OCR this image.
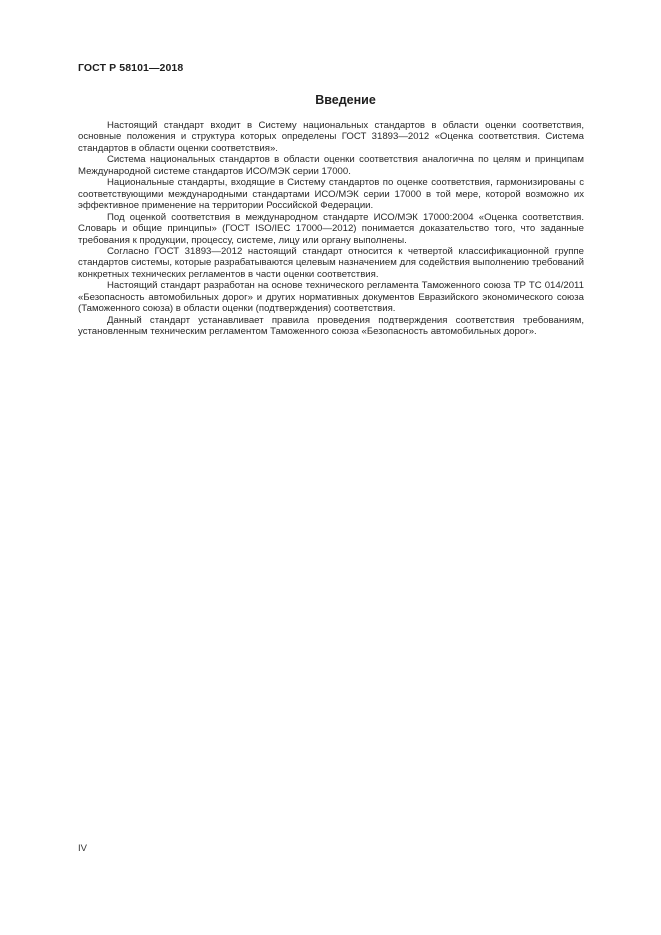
ГОСТ Р 58101—2018
Введение

Настоящий стандарт входит в Систему национальных стандартов в области оценки соответствия, основные положения и структура которых определены ГОСТ 31893—2012 «Оценка соответствия. Система стандартов в области оценки соответствия».

Система национальных стандартов в области оценки соответствия аналогична по целям и принципам Международной системе стандартов ИСО/МЭК серии 17000.

Национальные стандарты, входящие в Систему стандартов по оценке соответствия, гармонизированы с соответствующими международными стандартами ИСО/МЭК серии 17000 в той мере, которой возможно их эффективное применение на территории Российской Федерации.

Под оценкой соответствия в международном стандарте ИСО/МЭК 17000:2004 «Оценка соответствия. Словарь и общие принципы» (ГОСТ ISO/IEC 17000—2012) понимается доказательство того, что заданные требования к продукции, процессу, системе, лицу или органу выполнены.

Согласно ГОСТ 31893—2012 настоящий стандарт относится к четвертой классификационной группе стандартов системы, которые разрабатываются целевым назначением для содействия выполнению требований конкретных технических регламентов в части оценки соответствия.

Настоящий стандарт разработан на основе технического регламента Таможенного союза ТР ТС 014/2011 «Безопасность автомобильных дорог» и других нормативных документов Евразийского экономического союза (Таможенного союза) в области оценки (подтверждения) соответствия.

Данный стандарт устанавливает правила проведения подтверждения соответствия требованиям, установленным техническим регламентом Таможенного союза «Безопасность автомобильных дорог».

IV
